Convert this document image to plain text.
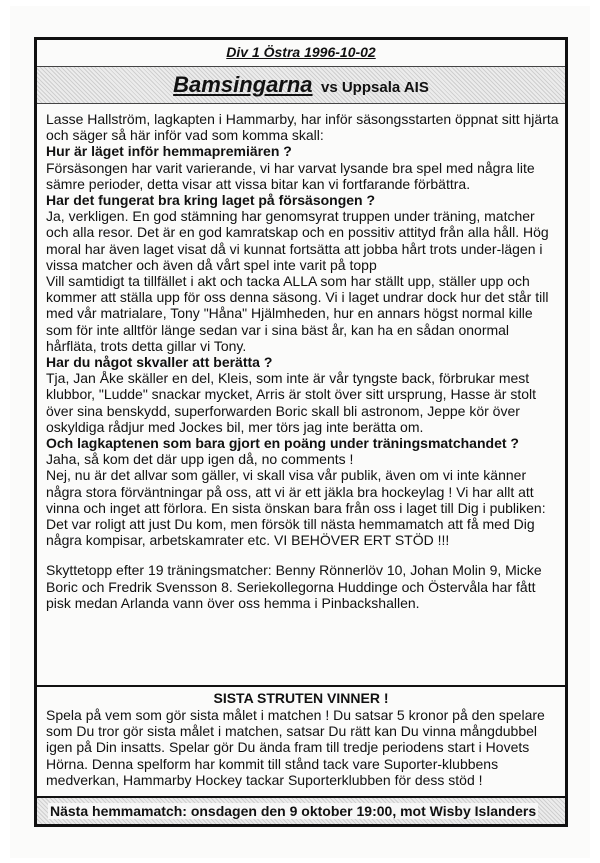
Div 1 Östra 1996-10-02
Bamsingarna vs Uppsala AIS

Lasse Hallström, lagkapten i Hammarby, har inför säsongsstarten öppnat sitt hjärta och säger så här inför vad som komma skall:

Hur är läget inför hemmapremiären ?

Försäsongen har varit varierande, vi har varvat lysande bra spel med några lite sämre perioder, detta visar att vissa bitar kan vi fortfarande förbättra.

Har det fungerat bra kring laget på försäsongen ?

Ja, verkligen. En god stämning har genomsyrat truppen under träning, matcher och alla resor. Det är en god kamratskap och en possitiv attityd från alla håll. Hög moral har även laget visat då vi kunnat fortsätta att jobba hårt trots under-lägen i vissa matcher och även då vårt spel inte varit på topp

Vill samtidigt ta tillfället i akt och tacka ALLA som har ställt upp, ställer upp och kommer att ställa upp för oss denna säsong. Vi i laget undrar dock hur det står till med vår matrialare, Tony "Håna" Hjälmheden, hur en annars högst normal kille som för inte alltför länge sedan var i sina bäst år, kan ha en sådan onormal hårfläta, trots detta gillar vi Tony.

Har du något skvaller att berätta ?

Tja, Jan Åke skäller en del, Kleis, som inte är vår tyngste back, förbrukar mest klubbor, "Ludde" snackar mycket, Arris är stolt över sitt ursprung, Hasse är stolt över sina benskydd, superforwarden Boric skall bli astronom, Jeppe kör över oskyldiga rådjur med Jockes bil, mer törs jag inte berätta om.

Och lagkaptenen som bara gjort en poäng under träningsmatchandet ?

Jaha, så kom det där upp igen då, no comments !

Nej, nu är det allvar som gäller, vi skall visa vår publik, även om vi inte känner några stora förväntningar på oss, att vi är ett jäkla bra hockeylag ! Vi har allt att vinna och inget att förlora. En sista önskan bara från oss i laget till Dig i publiken: Det var roligt att just Du kom, men försök till nästa hemmamatch att få med Dig några kompisar, arbetskamrater etc. VI BEHÖVER ERT STÖD !!!

Skyttetopp efter 19 träningsmatcher: Benny Rönnerlöv 10, Johan Molin 9, Micke Boric och Fredrik Svensson 8. Seriekollegorna Huddinge och Östervåla har fått pisk medan Arlanda vann över oss hemma i Pinbackshallen.

SISTA STRUTEN VINNER !
Spela på vem som gör sista målet i matchen ! Du satsar 5 kronor på den spelare som Du tror gör sista målet i matchen, satsar Du rätt kan Du vinna mångdubbel igen på Din insatts. Spelar gör Du ända fram till tredje periodens start i Hovets Hörna. Denna spelform har kommit till stånd tack vare Suporter-klubbens medverkan, Hammarby Hockey tackar Suporterklubben för dess stöd !
Nästa hemmamatch: onsdagen den 9 oktober 19:00, mot Wisby Islanders
